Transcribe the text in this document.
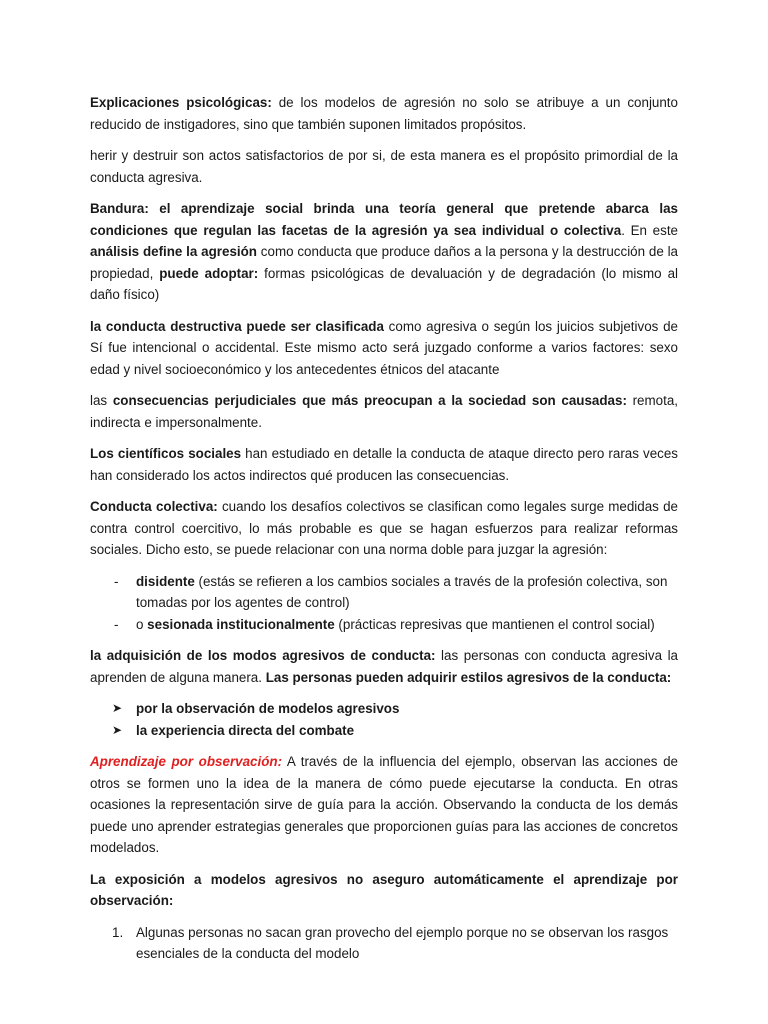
Explicaciones psicológicas: de los modelos de agresión no solo se atribuye a un conjunto reducido de instigadores, sino que también suponen limitados propósitos.

herir y destruir son actos satisfactorios de por si, de esta manera es el propósito primordial de la conducta agresiva.

Bandura: el aprendizaje social brinda una teoría general que pretende abarca las condiciones que regulan las facetas de la agresión ya sea individual o colectiva. En este análisis define la agresión como conducta que produce daños a la persona y la destrucción de la propiedad, puede adoptar: formas psicológicas de devaluación y de degradación (lo mismo al daño físico)

la conducta destructiva puede ser clasificada como agresiva o según los juicios subjetivos de Sí fue intencional o accidental. Este mismo acto será juzgado conforme a varios factores: sexo edad y nivel socioeconómico y los antecedentes étnicos del atacante

las consecuencias perjudiciales que más preocupan a la sociedad son causadas: remota, indirecta e impersonalmente.

Los científicos sociales han estudiado en detalle la conducta de ataque directo pero raras veces han considerado los actos indirectos qué producen las consecuencias.

Conducta colectiva: cuando los desafíos colectivos se clasifican como legales surge medidas de contra control coercitivo, lo más probable es que se hagan esfuerzos para realizar reformas sociales. Dicho esto, se puede relacionar con una norma doble para juzgar la agresión:

- disidente (estás se refieren a los cambios sociales a través de la profesión colectiva, son tomadas por los agentes de control)
- o sesionada institucionalmente (prácticas represivas que mantienen el control social)

la adquisición de los modos agresivos de conducta: las personas con conducta agresiva la aprenden de alguna manera. Las personas pueden adquirir estilos agresivos de la conducta:

➤ por la observación de modelos agresivos
➤ la experiencia directa del combate

Aprendizaje por observación: A través de la influencia del ejemplo, observan las acciones de otros se formen uno la idea de la manera de cómo puede ejecutarse la conducta. En otras ocasiones la representación sirve de guía para la acción. Observando la conducta de los demás puede uno aprender estrategias generales que proporcionen guías para las acciones de concretos modelados.

La exposición a modelos agresivos no aseguro automáticamente el aprendizaje por observación:

1. Algunas personas no sacan gran provecho del ejemplo porque no se observan los rasgos esenciales de la conducta del modelo
